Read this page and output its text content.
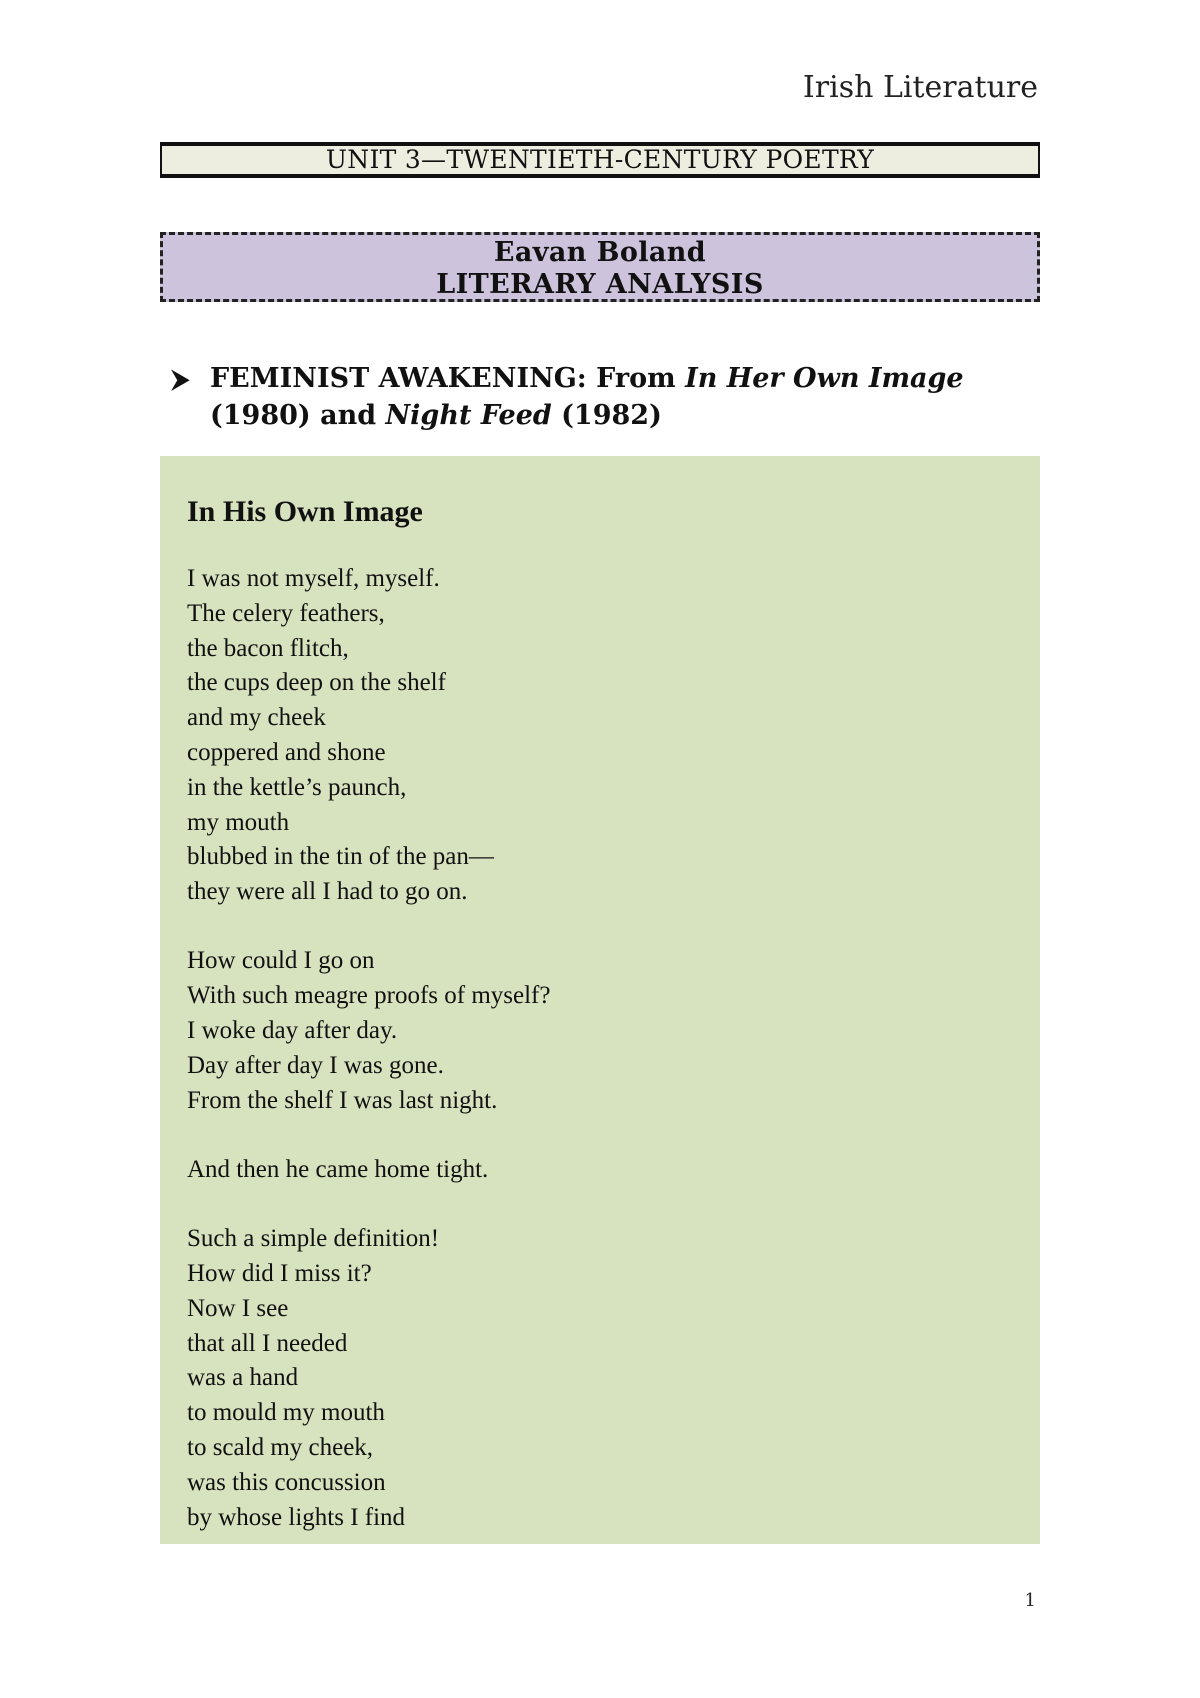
Irish Literature
UNIT 3—TWENTIETH-CENTURY POETRY
Eavan Boland
LITERARY ANALYSIS
⮞ FEMINIST AWAKENING: From In Her Own Image
(1980) and Night Feed (1982)
In His Own Image
I was not myself, myself.
The celery feathers,
the bacon flitch,
the cups deep on the shelf
and my cheek
coppered and shone
in the kettle’s paunch,
my mouth
blubbed in the tin of the pan—
they were all I had to go on.
How could I go on
With such meagre proofs of myself?
I woke day after day.
Day after day I was gone.
From the shelf I was last night.
And then he came home tight.
Such a simple definition!
How did I miss it?
Now I see
that all I needed
was a hand
to mould my mouth
to scald my cheek,
was this concussion
by whose lights I find
1
